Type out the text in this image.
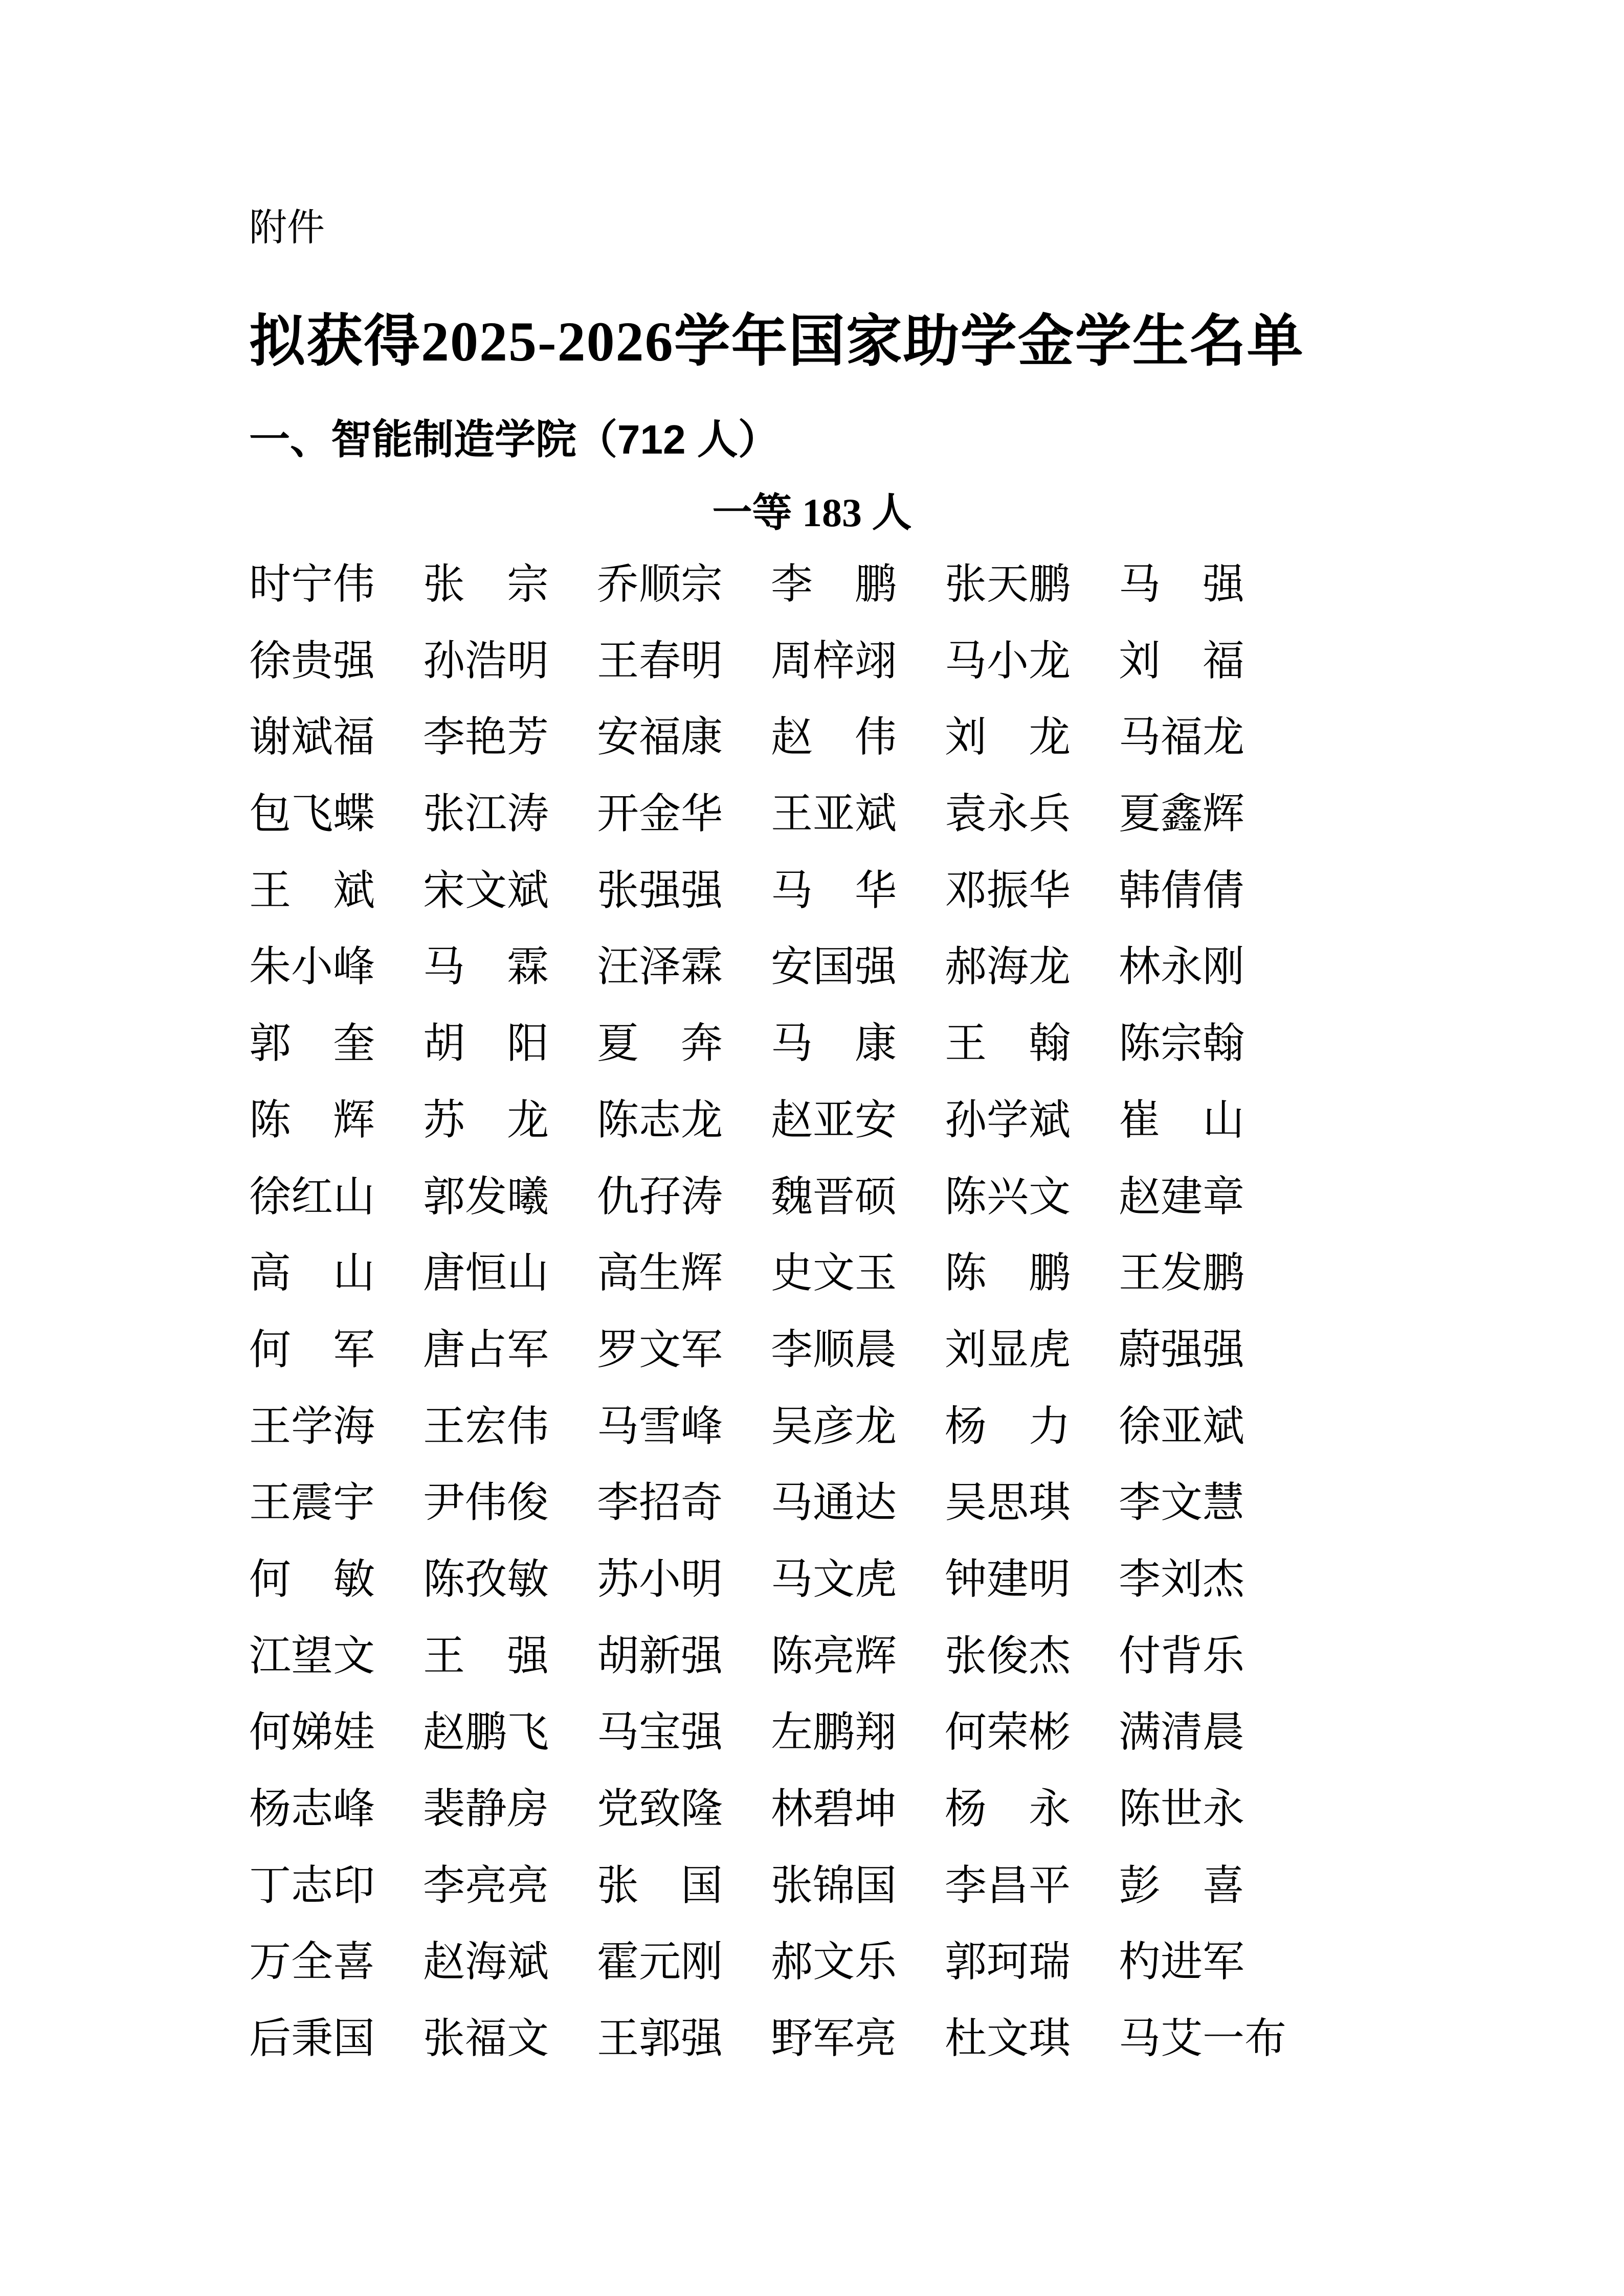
附件
拟获得2025-2026学年国家助学金学生名单
一、智能制造学院（712 人）
一等 183 人
时宁伟	张　宗	乔顺宗	李　鹏	张天鹏	马　强
徐贵强	孙浩明	王春明	周梓翊	马小龙	刘　福
谢斌福	李艳芳	安福康	赵　伟	刘　龙	马福龙
包飞蝶	张江涛	开金华	王亚斌	袁永兵	夏鑫辉
王　斌	宋文斌	张强强	马　华	邓振华	韩倩倩
朱小峰	马　霖	汪泽霖	安国强	郝海龙	林永刚
郭　奎	胡　阳	夏　奔	马　康	王　翰	陈宗翰
陈　辉	苏　龙	陈志龙	赵亚安	孙学斌	崔　山
徐红山	郭发曦	仇孖涛	魏晋硕	陈兴文	赵建章
高　山	唐恒山	高生辉	史文玉	陈　鹏	王发鹏
何　军	唐占军	罗文军	李顺晨	刘显虎	蔚强强
王学海	王宏伟	马雪峰	吴彦龙	杨　力	徐亚斌
王震宇	尹伟俊	李招奇	马通达	吴思琪	李文慧
何　敏	陈孜敏	苏小明	马文虎	钟建明	李刘杰
江望文	王　强	胡新强	陈亮辉	张俊杰	付背乐
何娣娃	赵鹏飞	马宝强	左鹏翔	何荣彬	满清晨
杨志峰	裴静房	党致隆	林碧坤	杨　永	陈世永
丁志印	李亮亮	张　国	张锦国	李昌平	彭　喜
万全喜	赵海斌	霍元刚	郝文乐	郭珂瑞	杓进军
后秉国	张福文	王郭强	野军亮	杜文琪	马艾一布
